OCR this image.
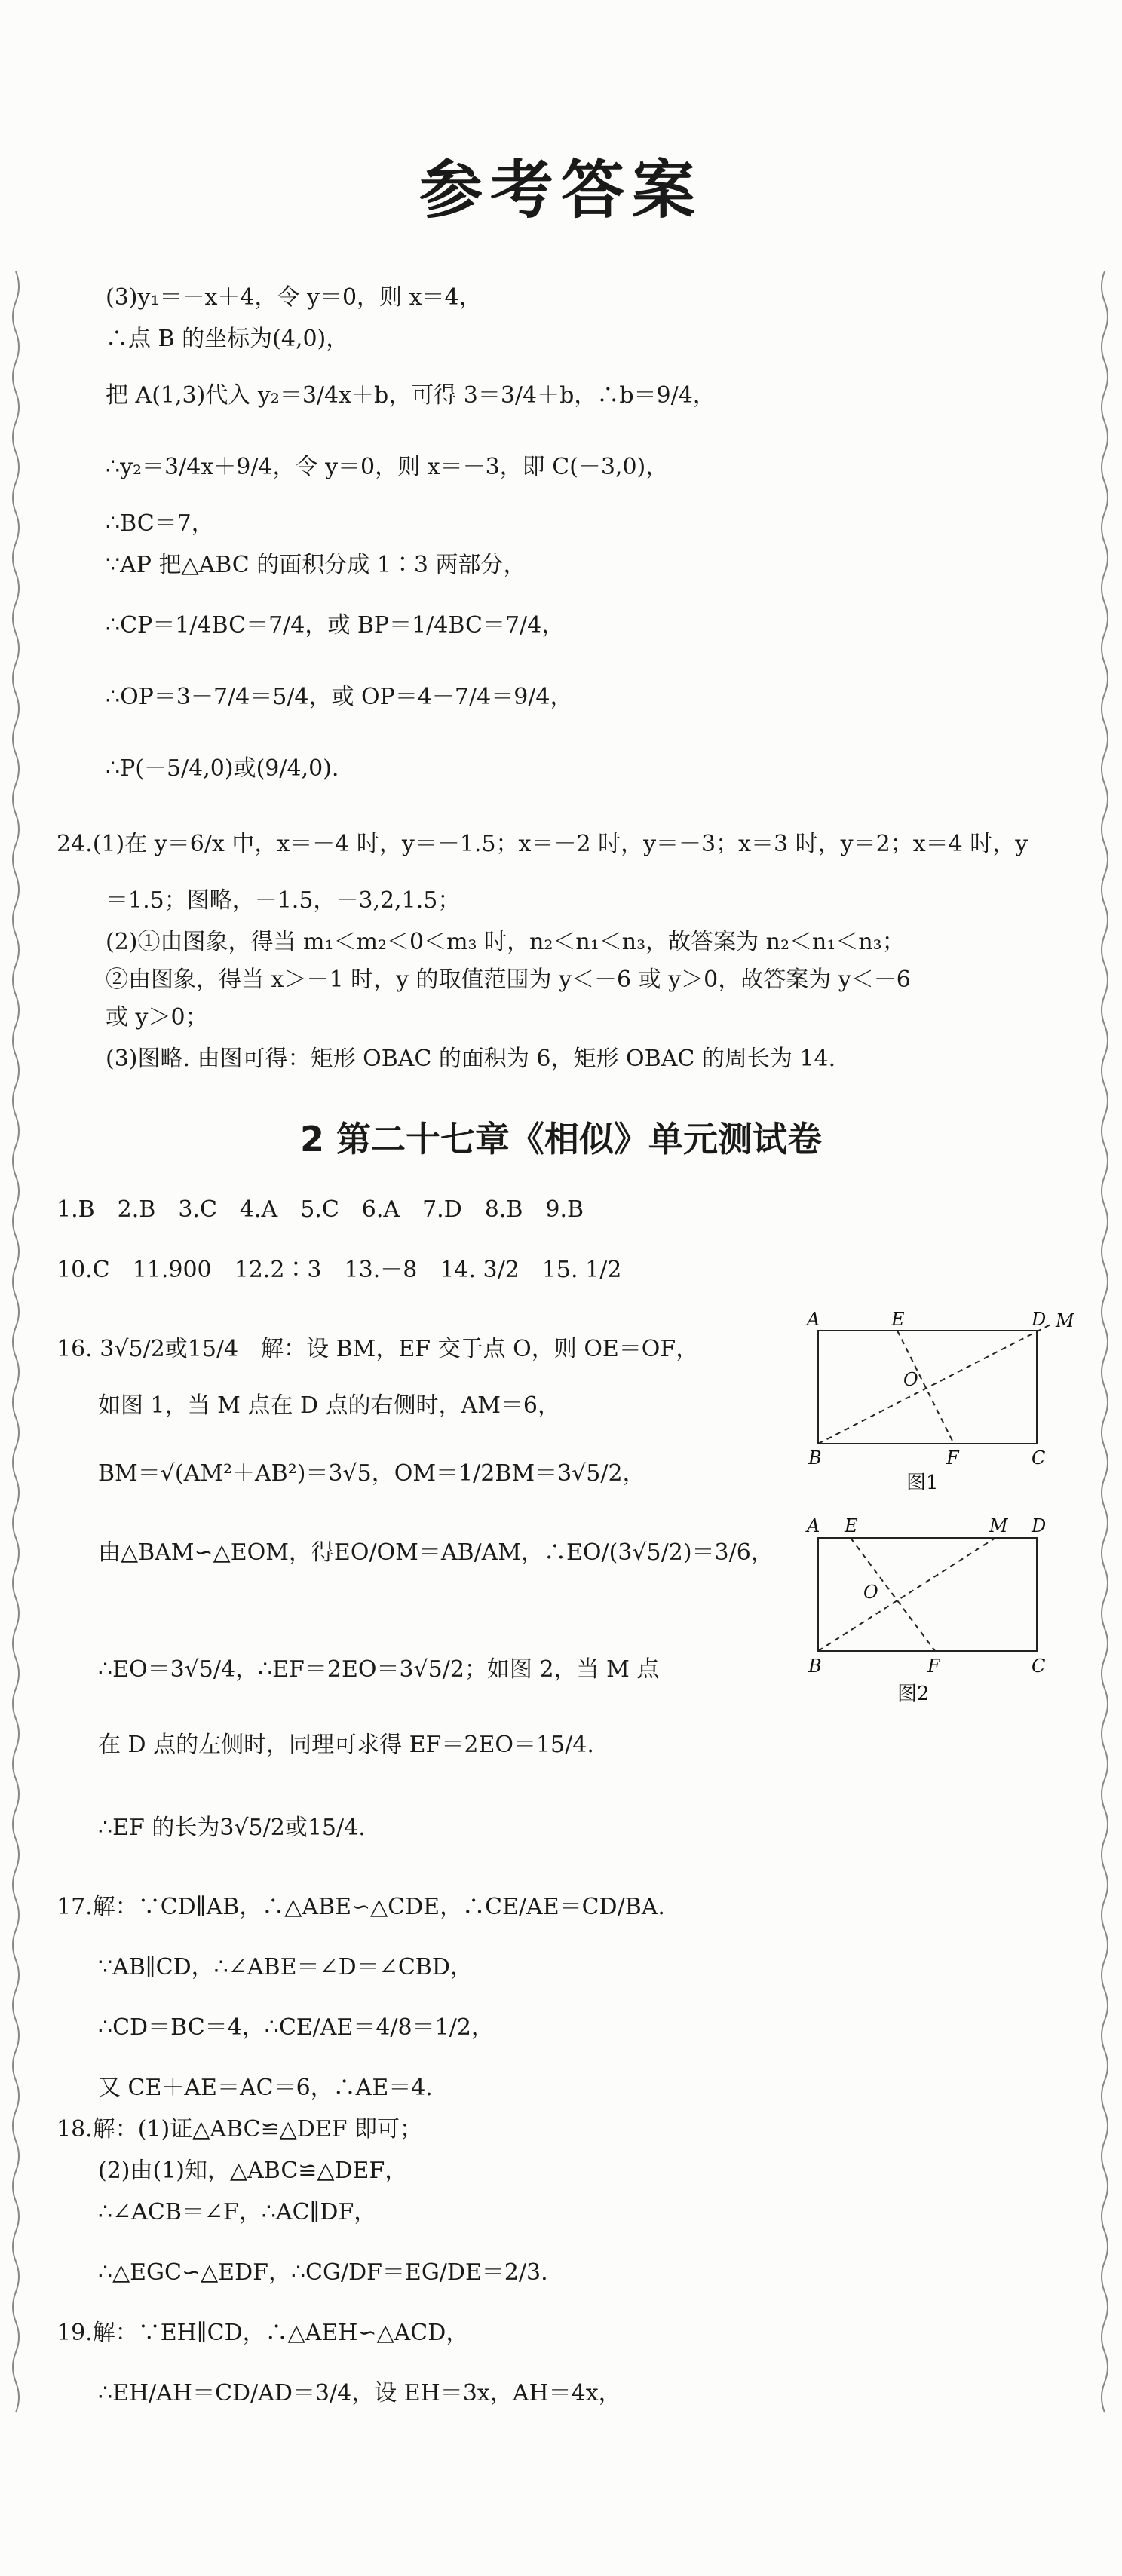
参考答案
(3)y₁＝－x＋4，令 y＝0，则 x＝4，
∴点 B 的坐标为(4,0)，
把 A(1,3)代入 y₂＝3/4x＋b，可得 3＝3/4＋b，∴b＝9/4，
∴y₂＝3/4x＋9/4，令 y＝0，则 x＝－3，即 C(－3,0)，
∴BC＝7，
∵AP 把△ABC 的面积分成 1∶3 两部分，
∴CP＝1/4BC＝7/4，或 BP＝1/4BC＝7/4，
∴OP＝3－7/4＝5/4，或 OP＝4－7/4＝9/4，
∴P(－5/4,0)或(9/4,0).
24.(1)在 y＝6/x 中，x＝－4 时，y＝－1.5；x＝－2 时，y＝－3；x＝3 时，y＝2；x＝4 时，y
＝1.5；图略，－1.5，－3,2,1.5；
(2)①由图象，得当 m₁＜m₂＜0＜m₃ 时，n₂＜n₁＜n₃，故答案为 n₂＜n₁＜n₃；
②由图象，得当 x＞－1 时，y 的取值范围为 y＜－6 或 y＞0，故答案为 y＜－6
或 y＞0；
(3)图略. 由图可得：矩形 OBAC 的面积为 6，矩形 OBAC 的周长为 14.
2 第二十七章《相似》单元测试卷
1.B　2.B　3.C　4.A　5.C　6.A　7.D　8.B　9.B
10.C　11.900　12.2∶3　13.－8　14. 3/2　15. 1/2
16. 3√5/2或15/4　解：设 BM，EF 交于点 O，则 OE＝OF，
如图 1，当 M 点在 D 点的右侧时，AM＝6，
BM＝√(AM²＋AB²)＝3√5，OM＝1/2BM＝3√5/2，
由△BAM∽△EOM，得EO/OM＝AB/AM，∴EO/(3√5/2)＝3/6，
∴EO＝3√5/4，∴EF＝2EO＝3√5/2；如图 2，当 M 点
在 D 点的左侧时，同理可求得 EF＝2EO＝15/4.
∴EF 的长为3√5/2或15/4.
A	E	D M
O
B	F	C
图1
A E	M D
O
B	F	C
图2
17.解：∵CD∥AB，∴△ABE∽△CDE，∴CE/AE＝CD/BA.
∵AB∥CD，∴∠ABE＝∠D＝∠CBD，
∴CD＝BC＝4，∴CE/AE＝4/8＝1/2，
又 CE＋AE＝AC＝6，∴AE＝4.
18.解：(1)证△ABC≌△DEF 即可；
(2)由(1)知，△ABC≌△DEF，
∴∠ACB＝∠F，∴AC∥DF，
∴△EGC∽△EDF，∴CG/DF＝EG/DE＝2/3.
19.解：∵EH∥CD，∴△AEH∽△ACD，
∴EH/AH＝CD/AD＝3/4，设 EH＝3x，AH＝4x，
